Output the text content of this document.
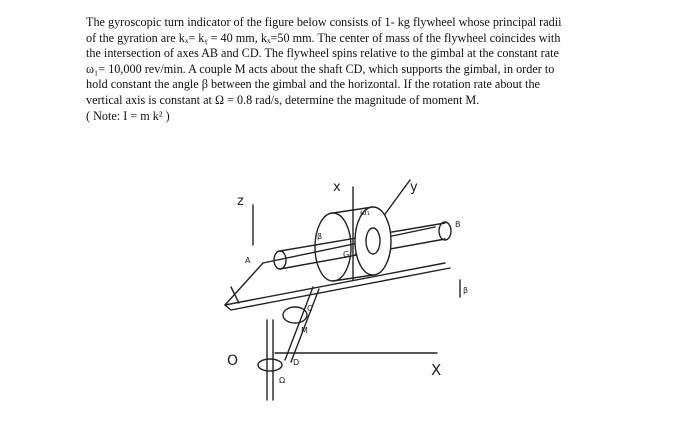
The gyroscopic turn indicator of the figure below consists of 1- kg flywheel whose principal radii

of the gyration are kₓ= kᵧ = 40 mm, kₓ=50 mm. The center of mass of the flywheel coincides with

the intersection of axes AB and CD. The flywheel spins relative to the gimbal at the constant rate

ω₁= 10,000 rev/min. A couple M acts about the shaft CD, which supports the gimbal, in order to

hold constant the angle β between the gimbal and the horizontal. If the rotation rate about the

vertical axis is constant at Ω = 0.8 rad/s, determine the magnitude of moment M.

( Note: I = m k² )

z
x	y
X
O
A
B
C
D
G
β
β
ω₁
M
Ω
